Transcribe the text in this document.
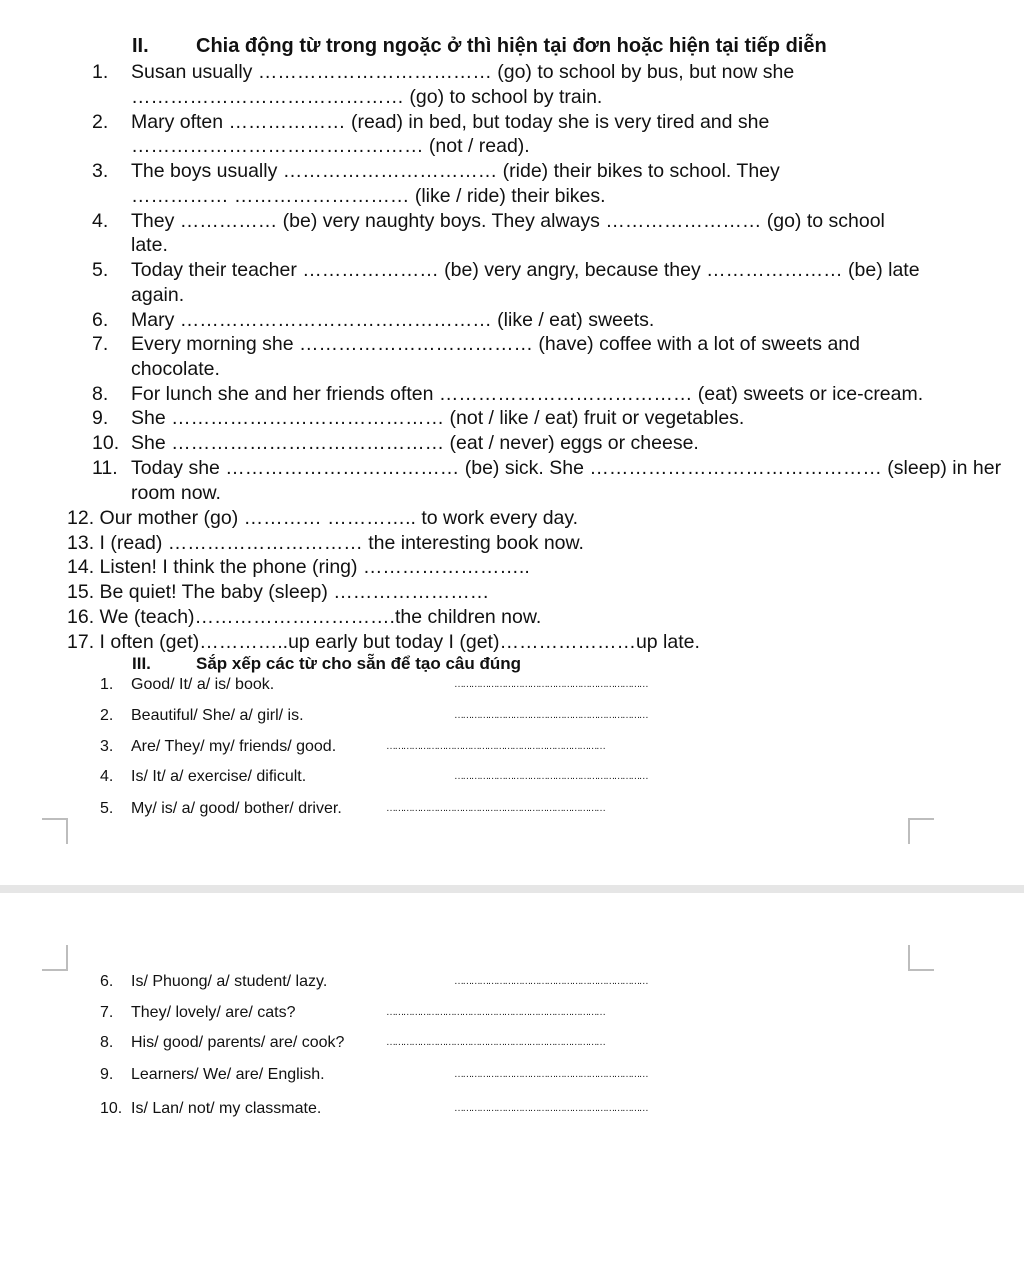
II. Chia động từ trong ngoặc ở thì hiện tại đơn hoặc hiện tại tiếp diễn
1. Susan usually ……………………………… (go) to school by bus, but now she
…………………………………… (go) to school by train.
2. Mary often ……………… (read) in bed, but today she is very tired and she
……………………………………… (not / read).
3. The boys usually …………………………… (ride) their bikes to school. They
…………… ……………………… (like / ride) their bikes.
4. They …………… (be) very naughty boys. They always …………………… (go) to school
late.
5. Today their teacher ………………… (be) very angry, because they ………………… (be) late
again.
6. Mary ………………………………………… (like / eat) sweets.
7. Every morning she ……………………………… (have) coffee with a lot of sweets and
chocolate.
8. For lunch she and her friends often ………………………………… (eat) sweets or ice-cream.
9. She …………………………………… (not / like / eat) fruit or vegetables.
10. She …………………………………… (eat / never) eggs or cheese.
11. Today she ……………………………… (be) sick. She ……………………………………… (sleep) in her
room now.
12. Our mother (go) ………… ………….. to work every day.
13. I (read) ………………………… the interesting book now.
14. Listen! I think the phone (ring) ……………………..
15. Be quiet! The baby (sleep) ……………………
16. We (teach)………………………….the children now.
17. I often (get)…………..up early but today I (get)…………………up late.
III.	Sắp xếp các từ cho sẵn để tạo câu đúng
1. Good/ It/ a/ is/ book.	……………………………………………………………
2. Beautiful/ She/ a/ girl/ is.	……………………………………………………………
3. Are/ They/ my/ friends/ good.	……………………………………………………………………
4. Is/ It/ a/ exercise/ dificult.	……………………………………………………………
5. My/ is/ a/ good/ bother/ driver.	……………………………………………………………………
6. Is/ Phuong/ a/ student/ lazy.	……………………………………………………………
7. They/ lovely/ are/ cats?	……………………………………………………………………
8. His/ good/ parents/ are/ cook?	……………………………………………………………………
9. Learners/ We/ are/ English.	……………………………………………………………
10. Is/ Lan/ not/ my classmate.	……………………………………………………………
